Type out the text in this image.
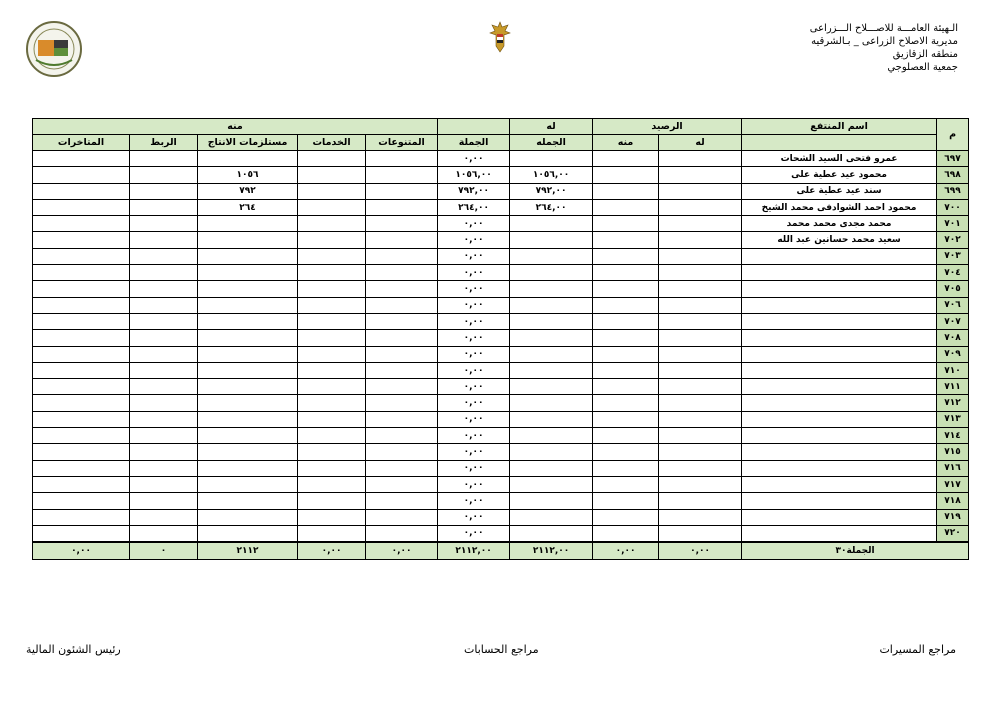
الـهيئة العامـــة للاصـــلاح الـــزراعى
مديرية الاصلاح الزراعى _ بـالشرقيه
منطقه الزقازيق
جمعية العصلوجي
م	اسم المنتفع	الرصيد		له		منه				
		له	منه	الجمله	الجملة	المتنوعات	الخدمات	مستلزمات الانتاج	الربط	المتاخرات
٦٩٧	عمرو فتحى السيد الشحات				٠,٠٠					
٦٩٨	محمود عيد عطية على			١٠٥٦,٠٠	١٠٥٦,٠٠			١٠٥٦		
٦٩٩	سند عيد عطية على			٧٩٢,٠٠	٧٩٢,٠٠			٧٩٢		
٧٠٠	محمود احمد الشوادفى محمد الشيخ			٢٦٤,٠٠	٢٦٤,٠٠			٢٦٤		
٧٠١	محمد مجدى محمد محمد				٠,٠٠					
٧٠٢	سعيد محمد حسانين عبد الله				٠,٠٠					
٧٠٣					٠,٠٠					
٧٠٤					٠,٠٠					
٧٠٥					٠,٠٠					
٧٠٦					٠,٠٠					
٧٠٧					٠,٠٠					
٧٠٨					٠,٠٠					
٧٠٩					٠,٠٠					
٧١٠					٠,٠٠					
٧١١					٠,٠٠					
٧١٢					٠,٠٠					
٧١٣					٠,٠٠					
٧١٤					٠,٠٠					
٧١٥					٠,٠٠					
٧١٦					٠,٠٠					
٧١٧					٠,٠٠					
٧١٨					٠,٠٠					
٧١٩					٠,٠٠					
٧٢٠					٠,٠٠					
الجملة٣٠		٠,٠٠	٠,٠٠	٢١١٢,٠٠	٢١١٢,٠٠	٠,٠٠	٠,٠٠	٢١١٢	٠	٠,٠٠
مراجع المسيرات
مراجع الحسابات
رئيس الشئون المالية
